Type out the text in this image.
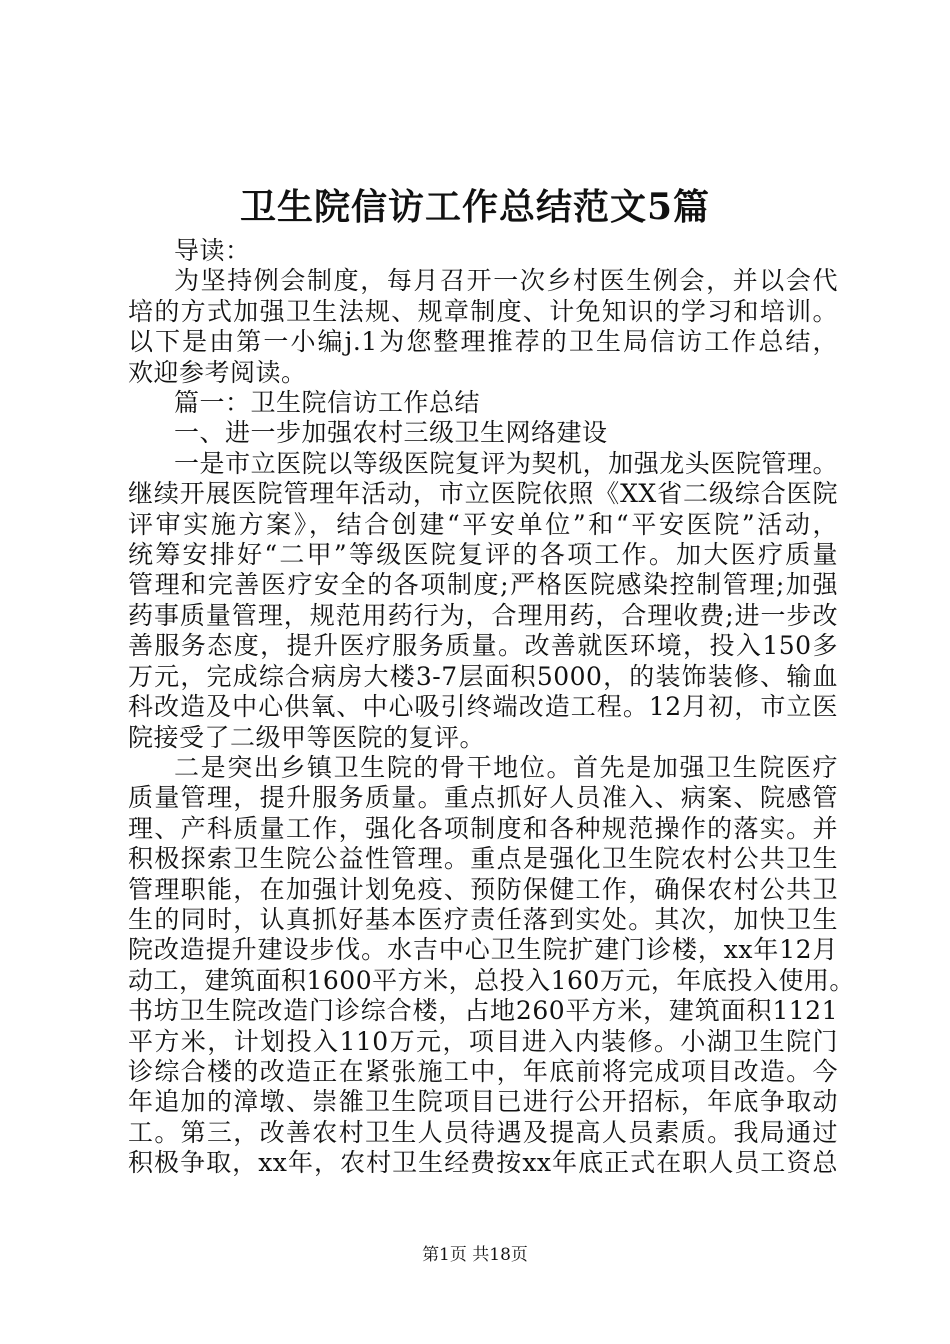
卫生院信访工作总结范文5篇
导读：
为坚持例会制度，每月召开一次乡村医生例会，并以会代
培的方式加强卫生法规、规章制度、计免知识的学习和培训。
以下是由第一小编j.1为您整理推荐的卫生局信访工作总结，
欢迎参考阅读。
篇一：卫生院信访工作总结
一、进一步加强农村三级卫生网络建设
一是市立医院以等级医院复评为契机，加强龙头医院管理。
继续开展医院管理年活动，市立医院依照《XX省二级综合医院
评审实施方案》，结合创建“平安单位”和“平安医院”活动，
统筹安排好“二甲”等级医院复评的各项工作。加大医疗质量
管理和完善医疗安全的各项制度;严格医院感染控制管理;加强
药事质量管理，规范用药行为，合理用药，合理收费;进一步改
善服务态度，提升医疗服务质量。改善就医环境，投入150多
万元，完成综合病房大楼3-7层面积5000，的装饰装修、输血
科改造及中心供氧、中心吸引终端改造工程。12月初，市立医
院接受了二级甲等医院的复评。
二是突出乡镇卫生院的骨干地位。首先是加强卫生院医疗
质量管理，提升服务质量。重点抓好人员准入、病案、院感管
理、产科质量工作，强化各项制度和各种规范操作的落实。并
积极探索卫生院公益性管理。重点是强化卫生院农村公共卫生
管理职能，在加强计划免疫、预防保健工作，确保农村公共卫
生的同时，认真抓好基本医疗责任落到实处。其次，加快卫生
院改造提升建设步伐。水吉中心卫生院扩建门诊楼，xx年12月
动工，建筑面积1600平方米，总投入160万元，年底投入使用。
书坊卫生院改造门诊综合楼，占地260平方米，建筑面积1121
平方米，计划投入110万元，项目进入内装修。小湖卫生院门
诊综合楼的改造正在紧张施工中，年底前将完成项目改造。今
年追加的漳墩、崇雒卫生院项目已进行公开招标，年底争取动
工。第三，改善农村卫生人员待遇及提高人员素质。我局通过
积极争取，xx年，农村卫生经费按xx年底正式在职人员工资总
第1页 共18页
